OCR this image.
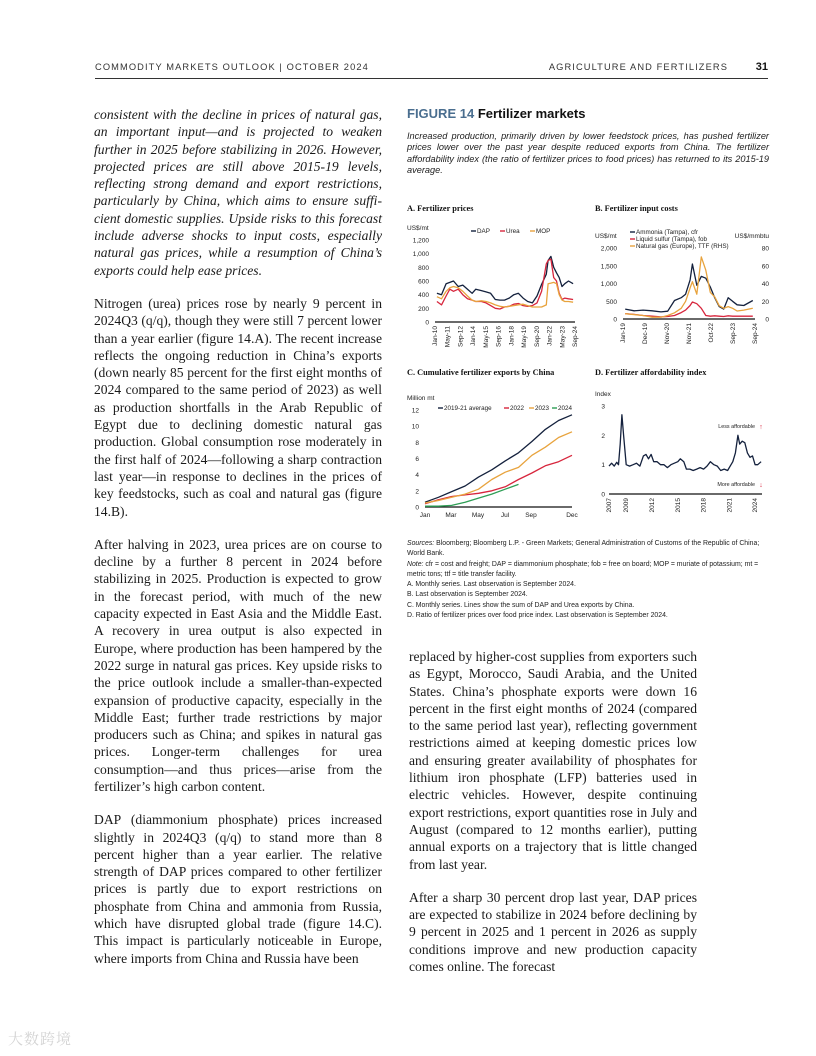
COMMODITY MARKETS OUTLOOK | OCTOBER 2024	AGRICULTURE AND FERTILIZERS	31

consistent with the decline in prices of natural gas, an important input—and is projected to weaken further in 2025 before stabilizing in 2026. However, projected prices are still above 2015-19 levels, reflecting strong demand and export restrictions, particularly by China, which aims to ensure sufficient domestic supplies. Upside risks to this forecast include adverse shocks to input costs, especially natural gas prices, while a resumption of China’s exports could help ease prices.

Nitrogen (urea) prices rose by nearly 9 percent in 2024Q3 (q/q), though they were still 7 percent lower than a year earlier (figure 14.A). The recent increase reflects the ongoing reduction in China’s exports (down nearly 85 percent for the first eight months of 2024 compared to the same period of 2023) as well as production shortfalls in the Arab Republic of Egypt due to declining domestic natural gas production. Global consumption rose moderately in the first half of 2024—following a sharp contraction last year—in response to declines in the prices of key feedstocks, such as coal and natural gas (figure 14.B).

After halving in 2023, urea prices are on course to decline by a further 8 percent in 2024 before stabilizing in 2025. Production is expected to grow in the forecast period, with much of the new capacity expected in East Asia and the Middle East. A recovery in urea output is also expected in Europe, where production has been hampered by the 2022 surge in natural gas prices. Key upside risks to the price outlook include a smaller-than-expected expansion of productive capacity, especially in the Middle East; further trade restrictions by major producers such as China; and spikes in natural gas prices. Longer-term challenges for urea consumption—and thus prices—arise from the fertilizer’s high carbon content.

DAP (diammonium phosphate) prices increased slightly in 2024Q3 (q/q) to stand more than 8 percent higher than a year earlier. The relative strength of DAP prices compared to other fertilizer prices is partly due to export restrictions on phosphate from China and ammonia from Russia, which have disrupted global trade (figure 14.C). This impact is particularly noticeable in Europe, where imports from China and Russia have been

FIGURE 14 Fertilizer markets

Increased production, primarily driven by lower feedstock prices, has pushed fertilizer prices lower over the past year despite reduced exports from China. The fertilizer affordability index (the ratio of fertilizer prices to food prices) has returned to its 2015-19 average.

A. Fertilizer prices
US$/mt
0
200
400
600
800
1,000
1,200
Jan-10 May-11 Sep-12 Jan-14 May-15 Sep-16 Jan-18 May-19 Sep-20 Jan-22 May-23 Sep-24
DAP	Urea	MOP
B. Fertilizer input costs
US$/mt	US$/mmbtu
0
500
1,000
1,500
2,000
0
20
40
60
80
Jan-19 Dec-19 Nov-20 Nov-21 Oct-22 Sep-23 Sep-24
Ammonia (Tampa), cfr
Liquid sulfur (Tampa), fob
Natural gas (Europe), TTF (RHS)
C. Cumulative fertilizer exports by China
Million mt
0
2
4
6
8
10
12
Jan Mar May	Jul Sep	Dec
2019-21 average	2022 2023 2024
D. Fertilizer affordability index
Index
0
1
2
3
2007 2009	2012	2015	2018	2021	2024
Less affordable ↑
More affordable ↓
Sources: Bloomberg; Bloomberg L.P. - Green Markets; General Administration of Customs of the Republic of China; World Bank.
Note: cfr = cost and freight; DAP = diammonium phosphate; fob = free on board; MOP = muriate of potassium; mt = metric tons; ttf = title transfer facility.
A. Monthly series. Last observation is September 2024.
B. Last observation is September 2024.
C. Monthly series. Lines show the sum of DAP and Urea exports by China.
D. Ratio of fertilizer prices over food price index. Last observation is September 2024.

replaced by higher-cost supplies from exporters such as Egypt, Morocco, Saudi Arabia, and the United States. China’s phosphate exports were down 16 percent in the first eight months of 2024 (compared to the same period last year), reflecting government restrictions aimed at keeping domestic prices low and ensuring greater availability of phosphates for lithium iron phosphate (LFP) batteries used in electric vehicles. However, despite continuing export restrictions, export quantities rose in July and August (compared to 12 months earlier), putting annual exports on a trajectory that is little changed from last year.

After a sharp 30 percent drop last year, DAP prices are expected to stabilize in 2024 before declining by 9 percent in 2025 and 1 percent in 2026 as supply conditions improve and new production capacity comes online. The forecast

大数跨境
